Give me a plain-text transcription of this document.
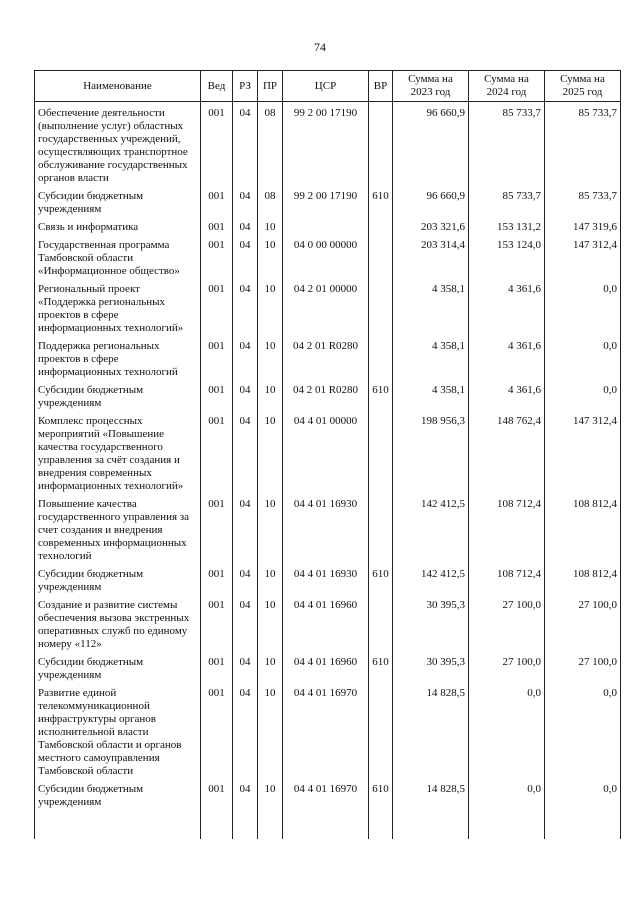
74
Наименование	Вед	РЗ	ПР	ЦСР	ВР	Сумма на 2023 год	Сумма на 2024 год	Сумма на 2025 год
Обеспечение деятельности (выполнение услуг) областных государственных учреждений, осуществляющих транспортное обслуживание государственных органов власти	001	04	08	99 2 00 17190		96 660,9	85 733,7	85 733,7
Субсидии бюджетным учреждениям	001	04	08	99 2 00 17190	610	96 660,9	85 733,7	85 733,7
Связь и информатика	001	04	10			203 321,6	153 131,2	147 319,6
Государственная программа Тамбовской области «Информационное общество»	001	04	10	04 0 00 00000		203 314,4	153 124,0	147 312,4
Региональный проект «Поддержка региональных проектов в сфере информационных технологий»	001	04	10	04 2 01 00000		4 358,1	4 361,6	0,0
Поддержка региональных проектов в сфере информационных технологий	001	04	10	04 2 01 R0280		4 358,1	4 361,6	0,0
Субсидии бюджетным учреждениям	001	04	10	04 2 01 R0280	610	4 358,1	4 361,6	0,0
Комплекс процессных мероприятий «Повышение качества государственного управления за счёт создания и внедрения современных информационных технологий»	001	04	10	04 4 01 00000		198 956,3	148 762,4	147 312,4
Повышение качества государственного управления за счет создания и внедрения современных информационных технологий	001	04	10	04 4 01 16930		142 412,5	108 712,4	108 812,4
Субсидии бюджетным учреждениям	001	04	10	04 4 01 16930	610	142 412,5	108 712,4	108 812,4
Создание и развитие системы обеспечения вызова экстренных оперативных служб по единому номеру «112»	001	04	10	04 4 01 16960		30 395,3	27 100,0	27 100,0
Субсидии бюджетным учреждениям	001	04	10	04 4 01 16960	610	30 395,3	27 100,0	27 100,0
Развитие единой телекоммуникационной инфраструктуры органов исполнительной власти Тамбовской области и органов местного самоуправления Тамбовской области	001	04	10	04 4 01 16970		14 828,5	0,0	0,0
Субсидии бюджетным учреждениям	001	04	10	04 4 01 16970	610	14 828,5	0,0	0,0
